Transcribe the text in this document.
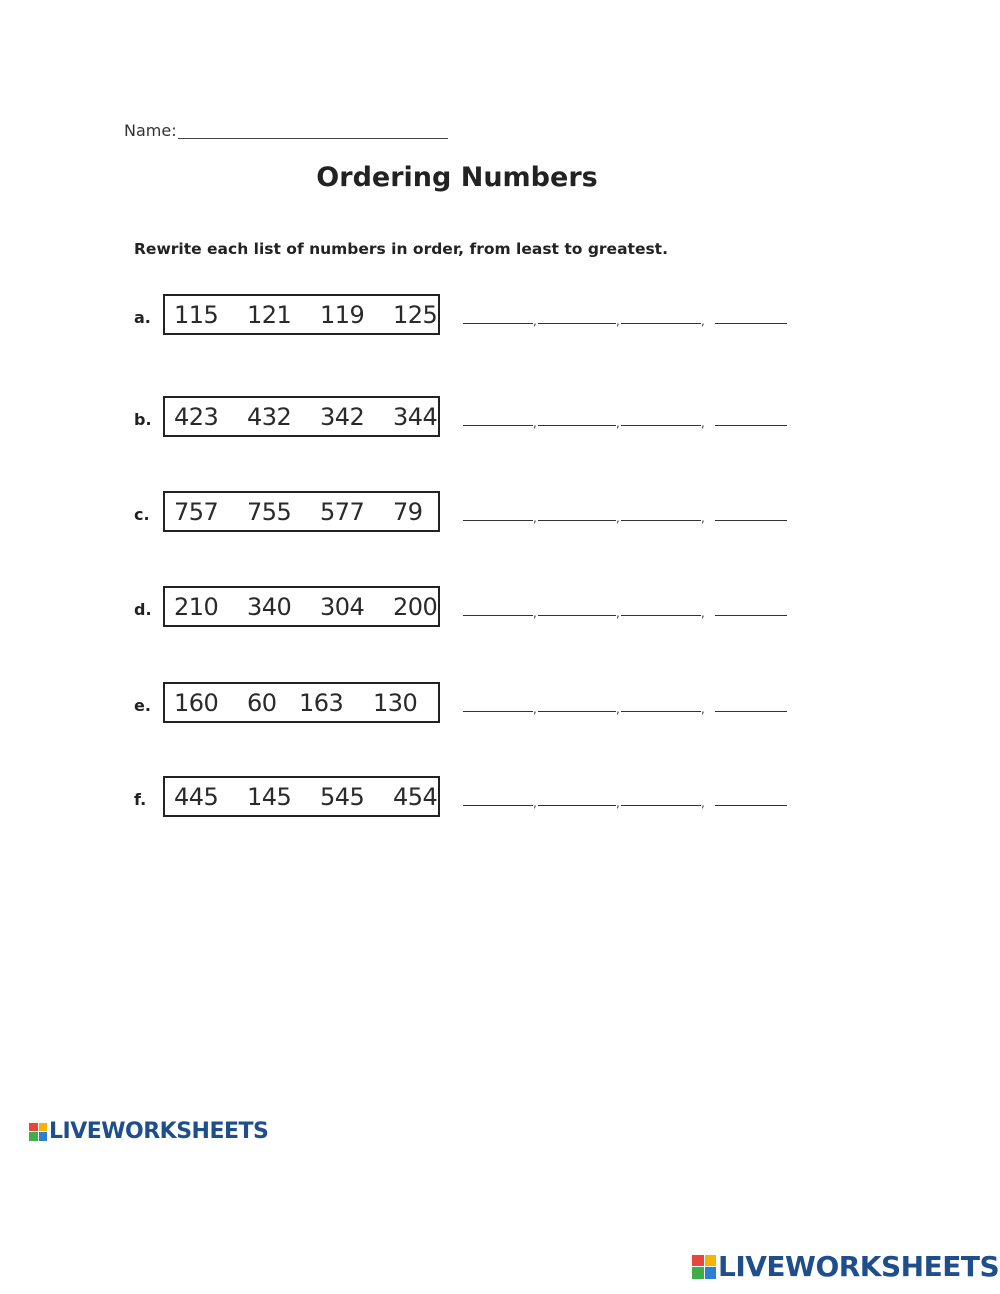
Name:
Ordering Numbers
Rewrite each list of numbers in order, from least to greatest.
a. 115 121 119 125	,	,	,
b. 423 432 342 344	,	,	,
c. 757 755 577 79	,	,	,
d. 210 340 304 200	,	,	,
e. 160 60 163 130	,	,	,
f. 445 145 545 454	,	,	,
LIVEWORKSHEETS
LIVEWORKSHEETS
